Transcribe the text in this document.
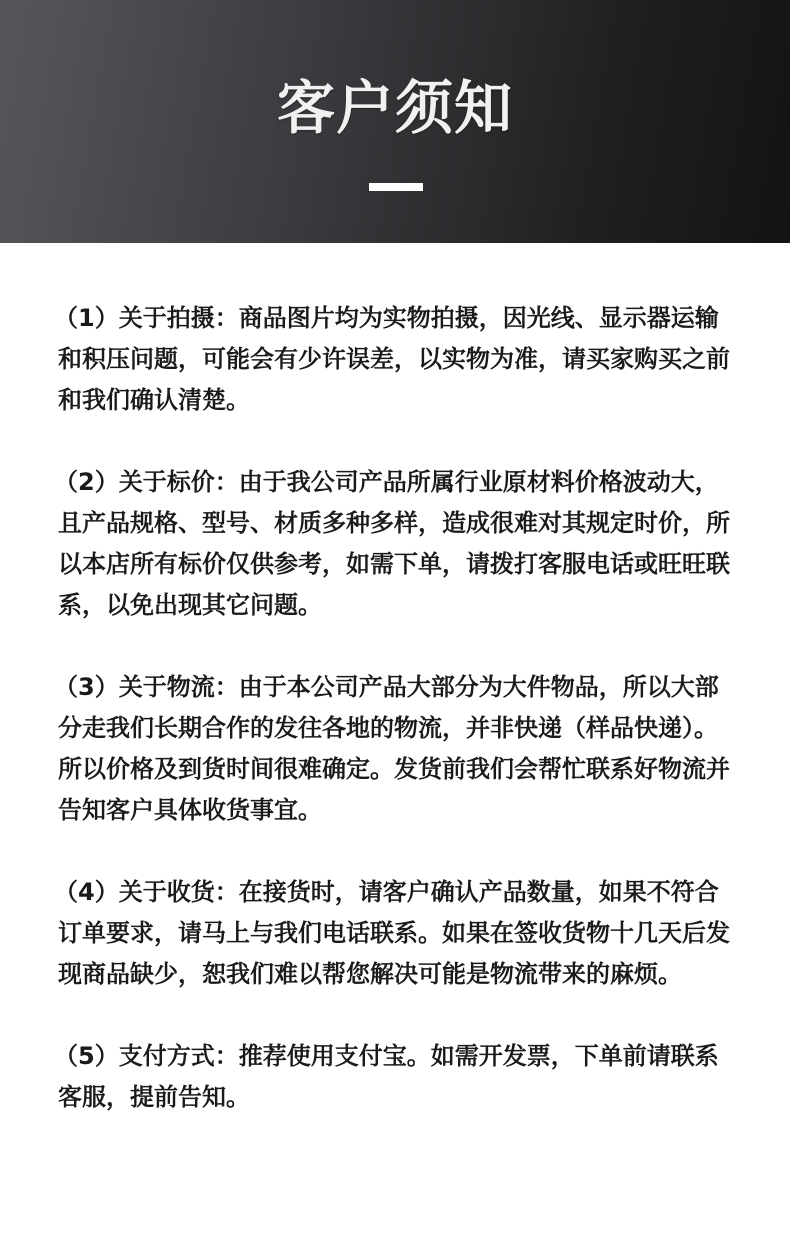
客户须知

（1）关于拍摄：商品图片均为实物拍摄，因光线、显示器运输和积压问题，可能会有少许误差，以实物为准，请买家购买之前和我们确认清楚。

（2）关于标价：由于我公司产品所属行业原材料价格波动大，且产品规格、型号、材质多种多样，造成很难对其规定时价，所以本店所有标价仅供参考，如需下单，请拨打客服电话或旺旺联系，以免出现其它问题。

（3）关于物流：由于本公司产品大部分为大件物品，所以大部分走我们长期合作的发往各地的物流，并非快递（样品快递）。所以价格及到货时间很难确定。发货前我们会帮忙联系好物流并告知客户具体收货事宜。

（4）关于收货：在接货时，请客户确认产品数量，如果不符合订单要求，请马上与我们电话联系。如果在签收货物十几天后发现商品缺少，恕我们难以帮您解决可能是物流带来的麻烦。

（5）支付方式：推荐使用支付宝。如需开发票，下单前请联系客服，提前告知。
